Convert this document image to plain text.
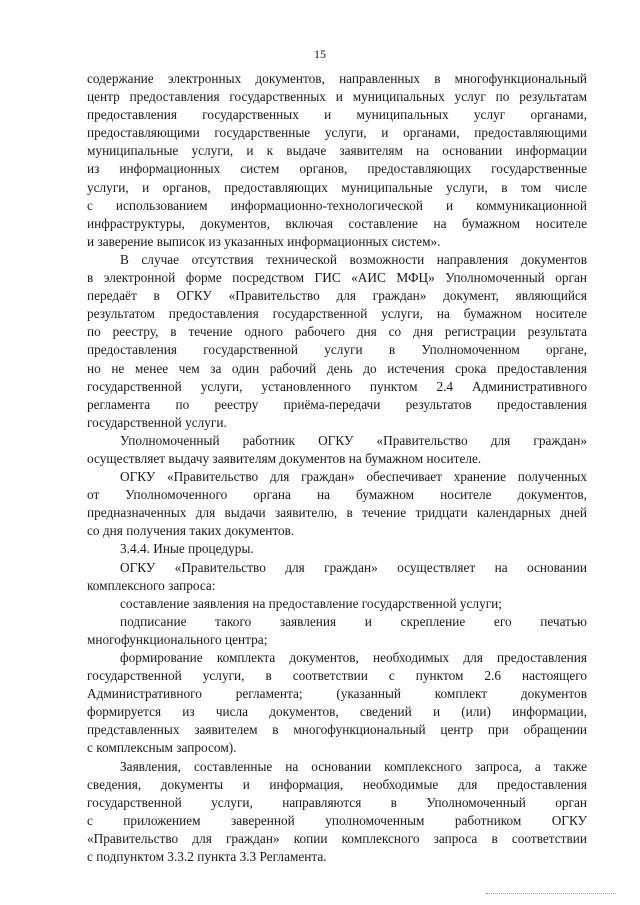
15
содержание электронных документов, направленных в многофункциональный
центр предоставления государственных и муниципальных услуг по результатам
предоставления государственных и муниципальных услуг органами,
предоставляющими государственные услуги, и органами, предоставляющими
муниципальные услуги, и к выдаче заявителям на основании информации
из информационных систем органов, предоставляющих государственные
услуги, и органов, предоставляющих муниципальные услуги, в том числе
с использованием информационно-технологической и коммуникационной
инфраструктуры, документов, включая составление на бумажном носителе
и заверение выписок из указанных информационных систем».
В случае отсутствия технической возможности направления документов
в электронной форме посредством ГИС «АИС МФЦ» Уполномоченный орган
передаёт в ОГКУ «Правительство для граждан» документ, являющийся
результатом предоставления государственной услуги, на бумажном носителе
по реестру, в течение одного рабочего дня со дня регистрации результата
предоставления государственной услуги в Уполномоченном органе,
но не менее чем за один рабочий день до истечения срока предоставления
государственной услуги, установленного пунктом 2.4 Административного
регламента по реестру приёма-передачи результатов предоставления
государственной услуги.
Уполномоченный работник ОГКУ «Правительство для граждан»
осуществляет выдачу заявителям документов на бумажном носителе.
ОГКУ «Правительство для граждан» обеспечивает хранение полученных
от Уполномоченного органа на бумажном носителе документов,
предназначенных для выдачи заявителю, в течение тридцати календарных дней
со дня получения таких документов.
3.4.4. Иные процедуры.
ОГКУ «Правительство для граждан» осуществляет на основании
комплексного запроса:
составление заявления на предоставление государственной услуги;
подписание такого заявления и скрепление его печатью
многофункционального центра;
формирование комплекта документов, необходимых для предоставления
государственной услуги, в соответствии с пунктом 2.6 настоящего
Административного регламента; (указанный комплект документов
формируется из числа документов, сведений и (или) информации,
представленных заявителем в многофункциональный центр при обращении
с комплексным запросом).
Заявления, составленные на основании комплексного запроса, а также
сведения, документы и информация, необходимые для предоставления
государственной услуги, направляются в Уполномоченный орган
с приложением заверенной уполномоченным работником ОГКУ
«Правительство для граждан» копии комплексного запроса в соответствии
с подпунктом 3.3.2 пункта 3.3 Регламента.
